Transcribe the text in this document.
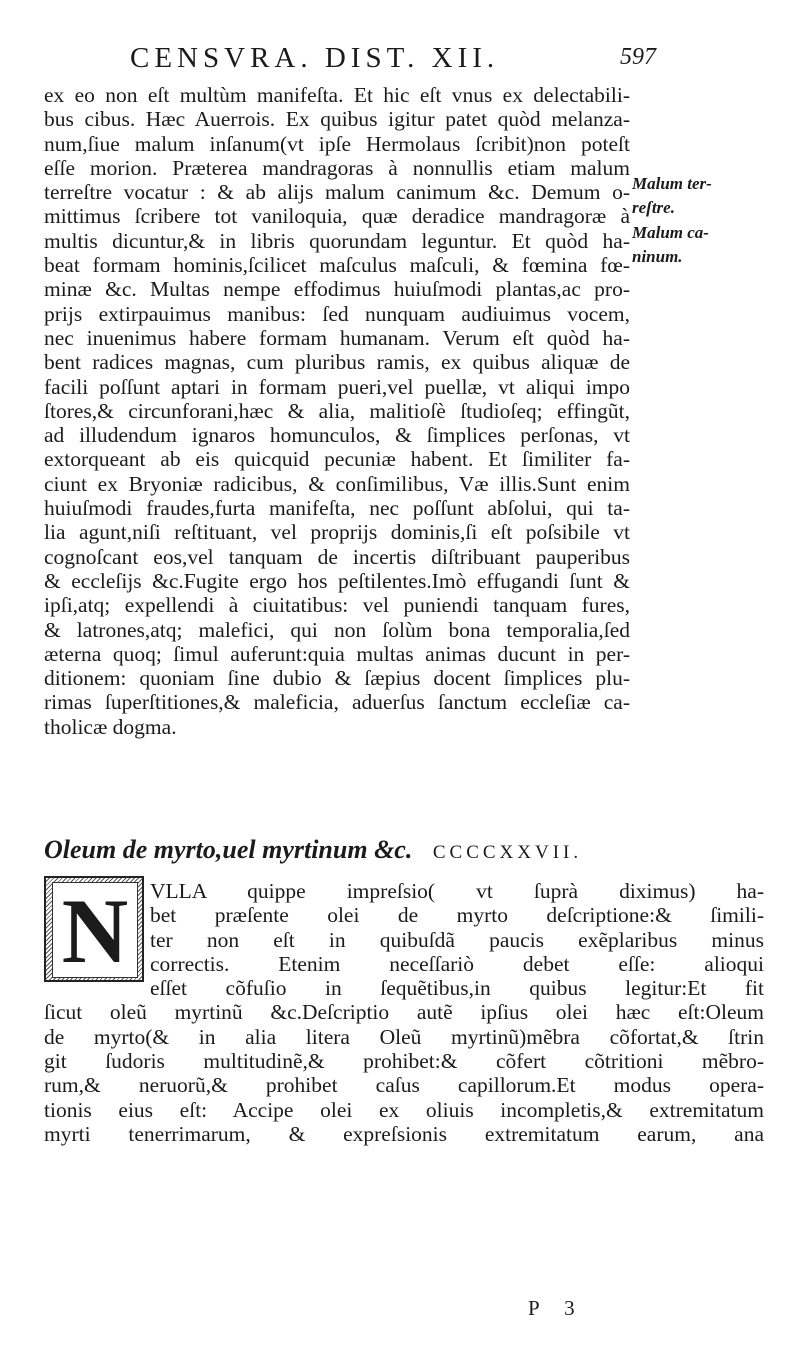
CENSVRA. DIST. XII.	597
ex eo non eſt multùm manifeſta. Et hic eſt vnus ex delectabili-
bus cibus. Hæc Auerrois. Ex quibus igitur patet quòd melanza-
num,ſiue malum inſanum(vt ipſe Hermolaus ſcribit)non poteſt
eſſe morion. Præterea mandragoras à nonnullis etiam malum
terreſtre vocatur : & ab alijs malum canimum &c. Demum o-
mittimus ſcribere tot vaniloquia, quæ deradice mandragoræ à
multis dicuntur,& in libris quorundam leguntur. Et quòd ha-
beat formam hominis,ſcilicet maſculus maſculi, & fœmina fœ-
minæ &c. Multas nempe effodimus huiuſmodi plantas,ac pro-
prijs extirpauimus manibus: ſed nunquam audiuimus vocem,
nec inuenimus habere formam humanam. Verum eſt quòd ha-
bent radices magnas, cum pluribus ramis, ex quibus aliquæ de
facili poſſunt aptari in formam pueri,vel puellæ, vt aliqui impo
ſtores,& circunforani,hæc & alia, malitioſè ſtudioſeq; effingũt,
ad illudendum ignaros homunculos, & ſimplices perſonas, vt
extorqueant ab eis quicquid pecuniæ habent. Et ſimiliter fa-
ciunt ex Bryoniæ radicibus, & conſimilibus, Væ illis.Sunt enim
huiuſmodi fraudes,furta manifeſta, nec poſſunt abſolui, qui ta-
lia agunt,niſi reſtituant, vel proprijs dominis,ſi eſt poſsibile vt
cognoſcant eos,vel tanquam de incertis diſtribuant pauperibus
& eccleſijs &c.Fugite ergo hos peſtilentes.Imò effugandi ſunt &
ipſi,atq; expellendi à ciuitatibus: vel puniendi tanquam fures,
& latrones,atq; malefici, qui non ſolùm bona temporalia,ſed
æterna quoq; ſimul auferunt:quia multas animas ducunt in per-
ditionem: quoniam ſine dubio & ſæpius docent ſimplices plu-
rimas ſuperſtitiones,& maleficia, aduerſus ſanctum eccleſiæ ca-
tholicæ dogma.
Malum ter-
reſtre.
Malum ca-
ninum.
Oleum de myrto,uel myrtinum &c. CCCCXXVII.
N	VLLA quippe impreſsio( vt ſuprà diximus) ha-
bet præſente olei de myrto deſcriptione:& ſimili-
ter non eſt in quibuſdã paucis exẽplaribus minus
correctis. Etenim neceſſariò debet eſſe: alioqui
eſſet cõfuſio in ſequẽtibus,in quibus legitur:Et fit
ſicut oleũ myrtinũ &c.Deſcriptio autẽ ipſius olei hæc eſt:Oleum
de myrto(& in alia litera Oleũ myrtinũ)mẽbra cõfortat,& ſtrin
git ſudoris multitudinẽ,& prohibet:& cõfert cõtritioni mẽbro-
rum,& neruorũ,& prohibet caſus capillorum.Et modus opera-
tionis eius eſt: Accipe olei ex oliuis incompletis,& extremitatum
myrti tenerrimarum, & expreſsionis extremitatum earum, ana
P 3
